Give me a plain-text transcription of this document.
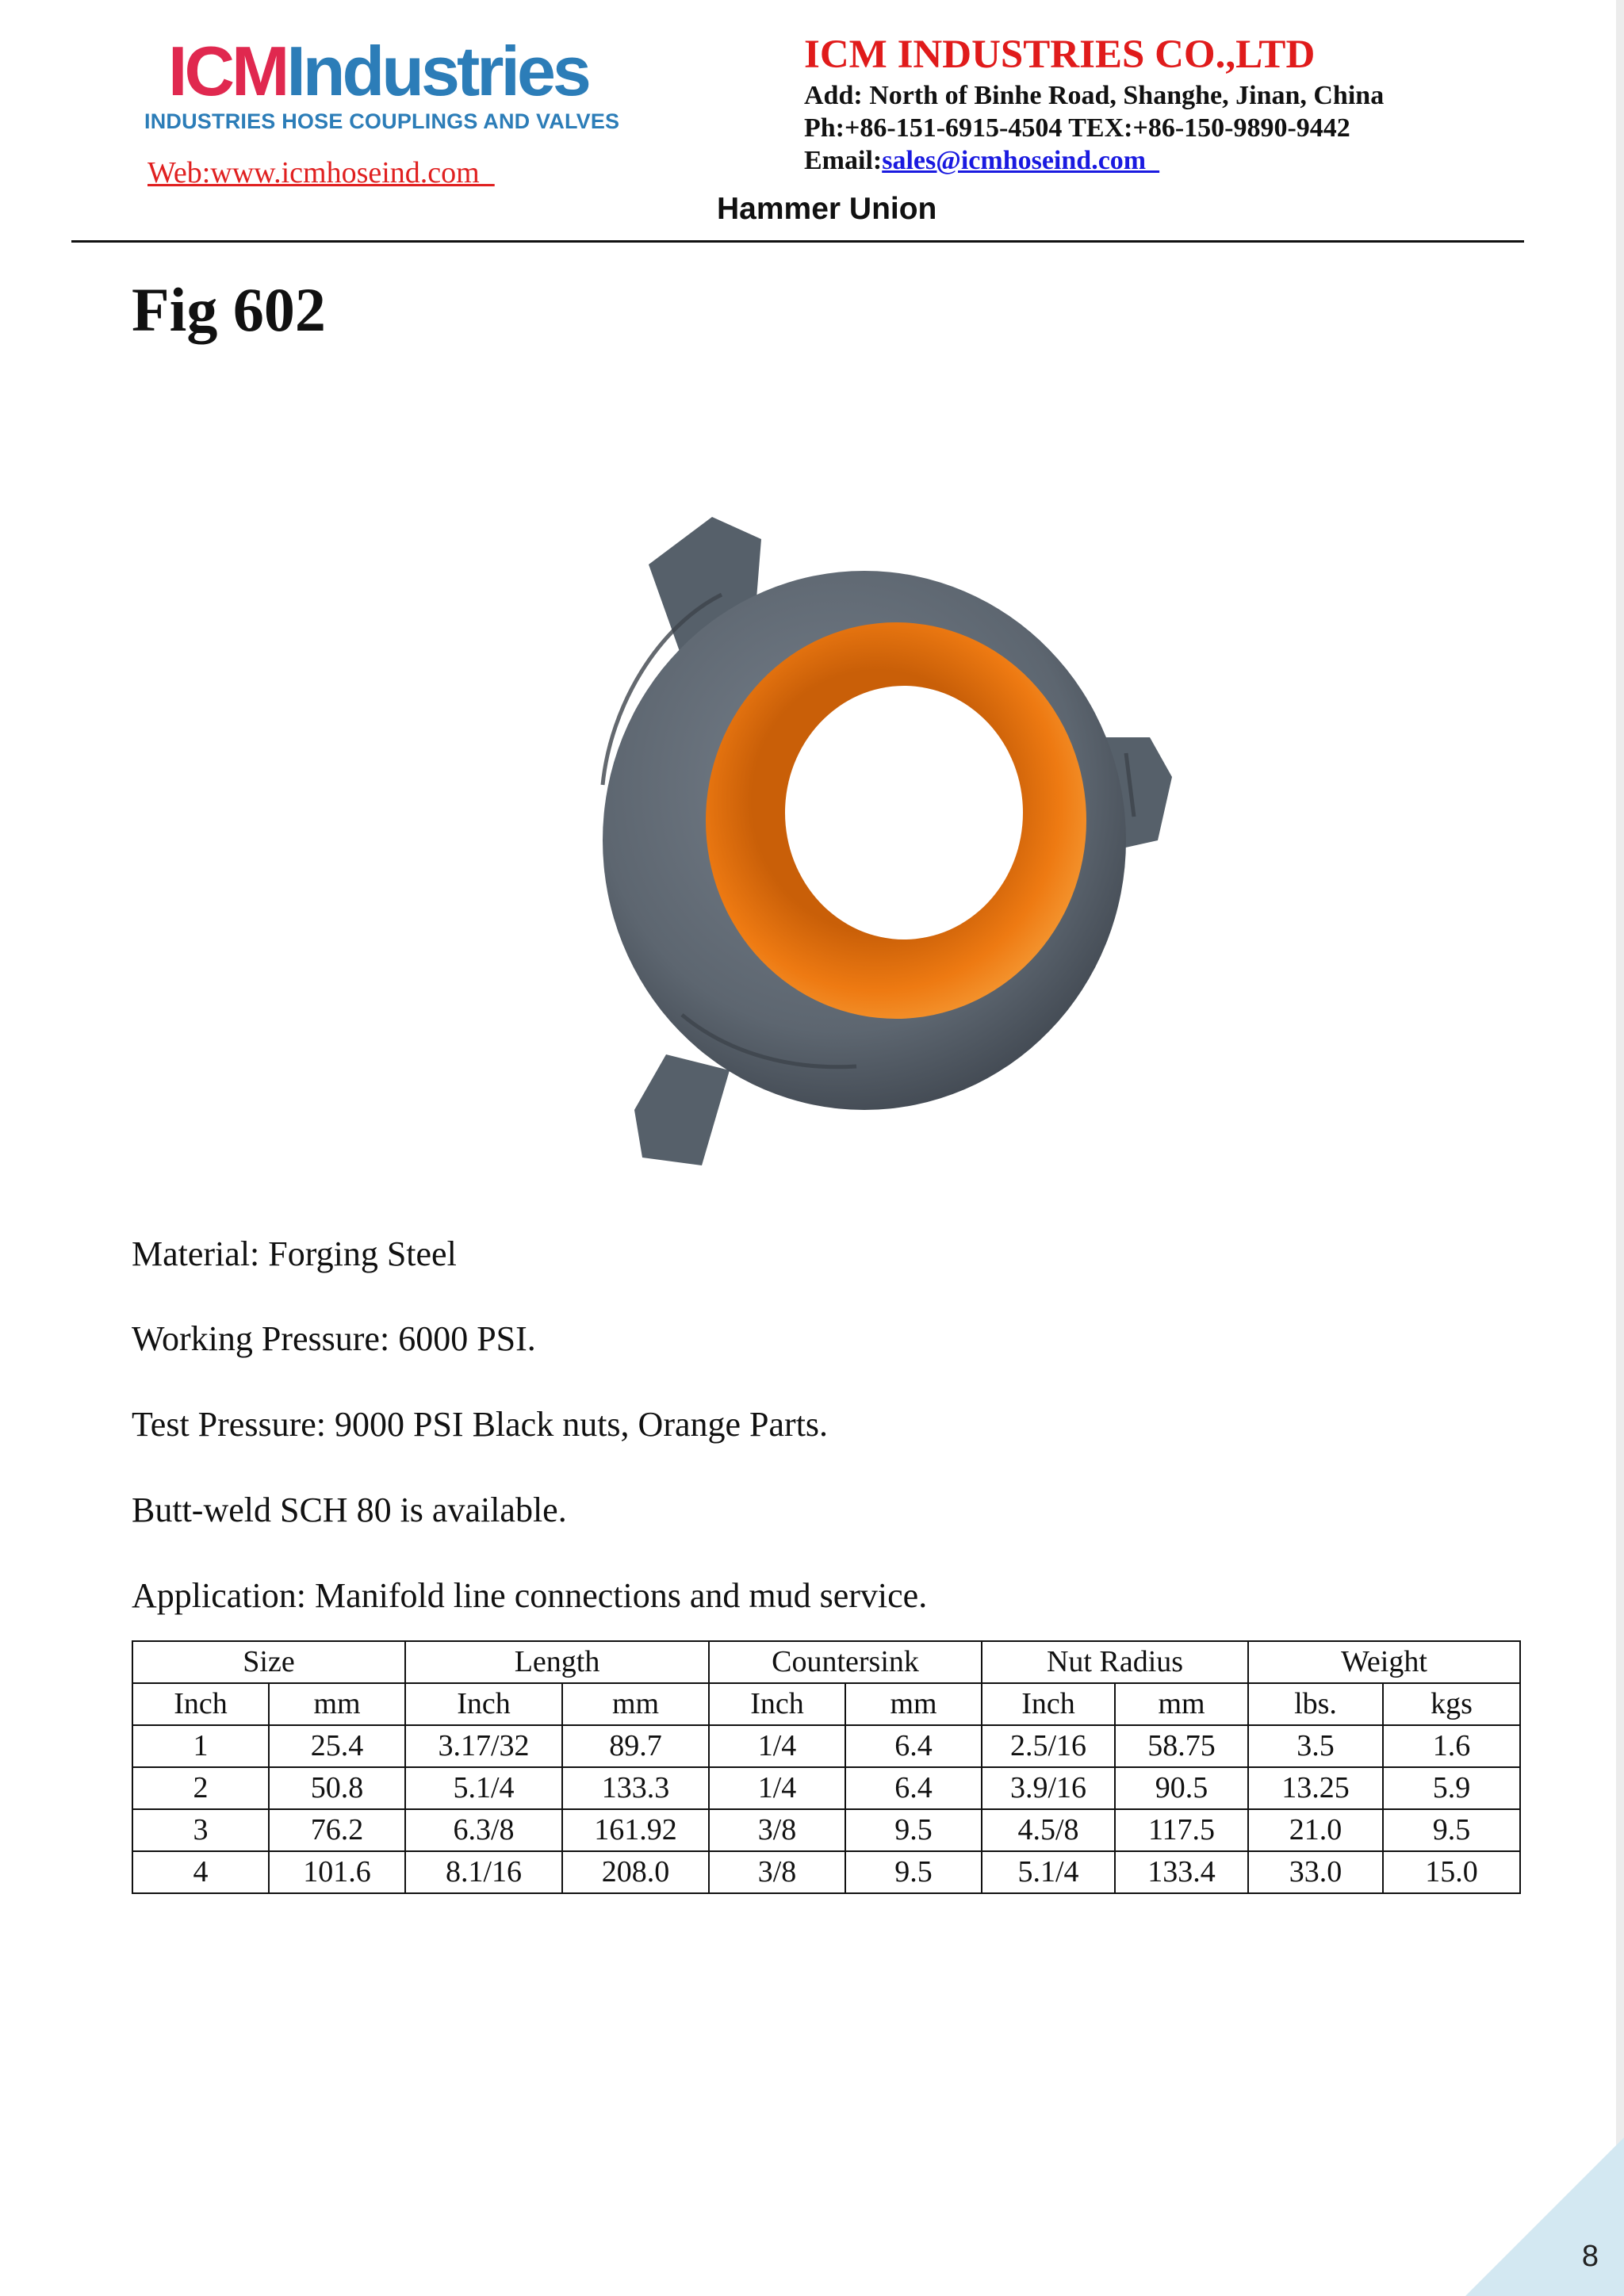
ICMIndustries
INDUSTRIES HOSE COUPLINGS AND VALVES
Web:www.icmhoseind.com
ICM INDUSTRIES CO.,LTD
Add: North of Binhe Road, Shanghe, Jinan, China
Ph:+86-151-6915-4504 TEX:+86-150-9890-9442
Email:sales@icmhoseind.com
Hammer Union
Fig 602
Material: Forging Steel
Working Pressure: 6000 PSI.
Test Pressure: 9000 PSI Black nuts, Orange Parts.
Butt-weld SCH 80 is available.
Application: Manifold line connections and mud service.
Size		Length		Countersink		Nut Radius		Weight	
Inch	mm	Inch	mm	Inch	mm	Inch	mm	lbs.	kgs
1	25.4	3.17/32	89.7	1/4	6.4	2.5/16	58.75	3.5	1.6
2	50.8	5.1/4	133.3	1/4	6.4	3.9/16	90.5	13.25	5.9
3	76.2	6.3/8	161.92	3/8	9.5	4.5/8	117.5	21.0	9.5
4	101.6	8.1/16	208.0	3/8	9.5	5.1/4	133.4	33.0	15.0
8
